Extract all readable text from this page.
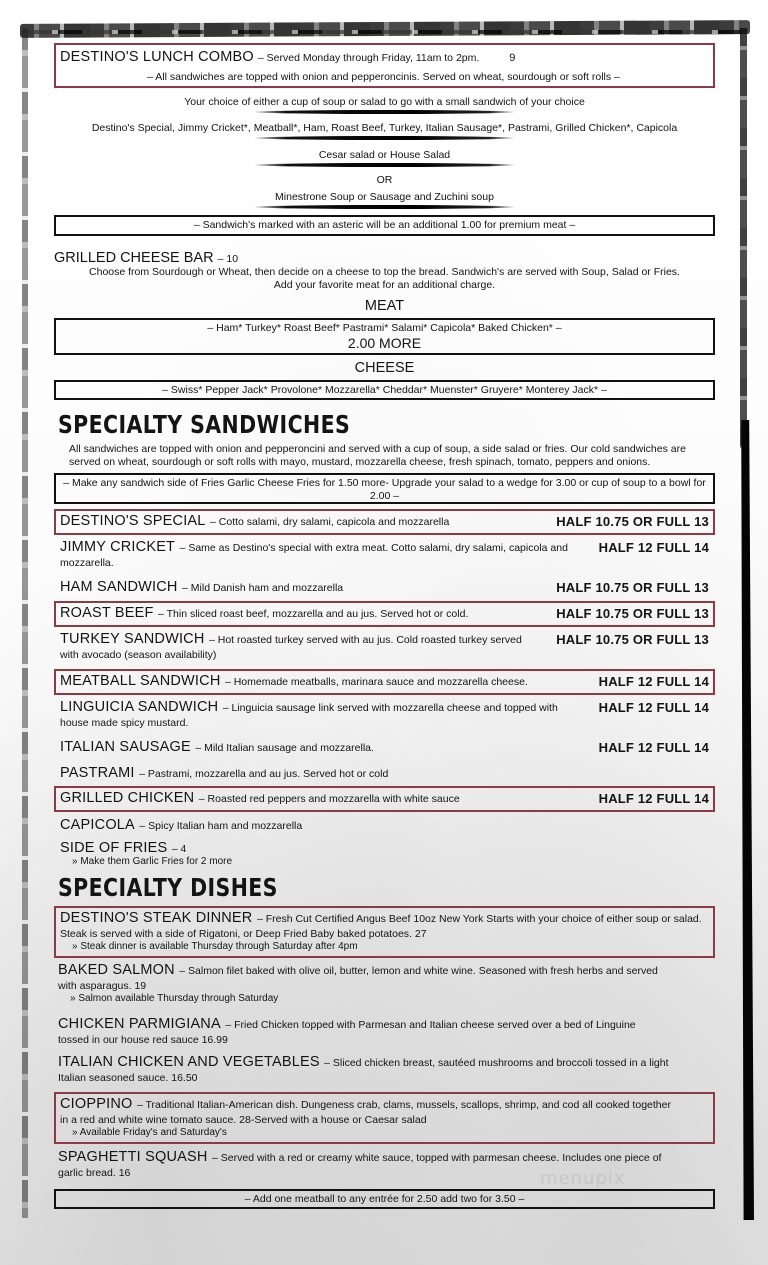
menupix
DESTINO'S LUNCH COMBO – Served Monday through Friday, 11am to 2pm.	9
– All sandwiches are topped with onion and pepperoncinis. Served on wheat, sourdough or soft rolls –
Your choice of either a cup of soup or salad to go with a small sandwich of your choice
Destino's Special, Jimmy Cricket*, Meatball*, Ham, Roast Beef, Turkey, Italian Sausage*, Pastrami, Grilled Chicken*, Capicola
Cesar salad or House Salad
OR
Minestrone Soup or Sausage and Zuchini soup
– Sandwich's marked with an asteric will be an additional 1.00 for premium meat –
GRILLED CHEESE BAR – 10
Choose from Sourdough or Wheat, then decide on a cheese to top the bread. Sandwich's are served with Soup, Salad or Fries.
Add your favorite meat for an additional charge.
MEAT
– Ham* Turkey* Roast Beef* Pastrami* Salami* Capicola* Baked Chicken* –
2.00 MORE
CHEESE
– Swiss* Pepper Jack* Provolone* Mozzarella* Cheddar* Muenster* Gruyere* Monterey Jack* –
SPECIALTY SANDWICHES
All sandwiches are topped with onion and pepperoncini and served with a cup of soup, a side salad or fries. Our cold sandwiches are served on wheat, sourdough or soft rolls with mayo, mustard, mozzarella cheese, fresh spinach, tomato, peppers and onions.
– Make any sandwich side of Fries Garlic Cheese Fries for 1.50 more- Upgrade your salad to a wedge for 3.00 or cup of soup to a bowl for 2.00 –
DESTINO'S SPECIAL – Cotto salami, dry salami, capicola and mozzarella	HALF 10.75 OR FULL 13
JIMMY CRICKET – Same as Destino's special with extra meat. Cotto salami, dry salami, capicola and mozzarella.
HALF 12 FULL 14
HAM SANDWICH – Mild Danish ham and mozzarella	HALF 10.75 OR FULL 13
ROAST BEEF – Thin sliced roast beef, mozzarella and au jus. Served hot or cold.	HALF 10.75 OR FULL 13
TURKEY SANDWICH – Hot roasted turkey served with au jus. Cold roasted turkey served with avocado (season availability)
HALF 10.75 OR FULL 13
MEATBALL SANDWICH – Homemade meatballs, marinara sauce and mozzarella cheese.	HALF 12 FULL 14
LINGUICIA SANDWICH – Linguicia sausage link served with mozzarella cheese and topped with house made spicy mustard.
HALF 12 FULL 14
ITALIAN SAUSAGE – Mild Italian sausage and mozzarella.	HALF 12 FULL 14
PASTRAMI – Pastrami, mozzarella and au jus. Served hot or cold
GRILLED CHICKEN – Roasted red peppers and mozzarella with white sauce	HALF 12 FULL 14
CAPICOLA – Spicy Italian ham and mozzarella
SIDE OF FRIES – 4
» Make them Garlic Fries for 2 more
SPECIALTY DISHES
DESTINO'S STEAK DINNER – Fresh Cut Certified Angus Beef 10oz New York Starts with your choice of either soup or salad. Steak is served with a side of Rigatoni, or Deep Fried Baby baked potatoes. 27
» Steak dinner is available Thursday through Saturday after 4pm
BAKED SALMON – Salmon filet baked with olive oil, butter, lemon and white wine. Seasoned with fresh herbs and served with asparagus. 19
» Salmon available Thursday through Saturday
CHICKEN PARMIGIANA – Fried Chicken topped with Parmesan and Italian cheese served over a bed of Linguine tossed in our house red sauce 16.99
ITALIAN CHICKEN AND VEGETABLES – Sliced chicken breast, sautéed mushrooms and broccoli tossed in a light Italian seasoned sauce. 16.50
CIOPPINO – Traditional Italian-American dish. Dungeness crab, clams, mussels, scallops, shrimp, and cod all cooked together in a red and white wine tomato sauce. 28-Served with a house or Caesar salad
» Available Friday's and Saturday's
SPAGHETTI SQUASH – Served with a red or creamy white sauce, topped with parmesan cheese. Includes one piece of garlic bread. 16
– Add one meatball to any entrée for 2.50 add two for 3.50 –
